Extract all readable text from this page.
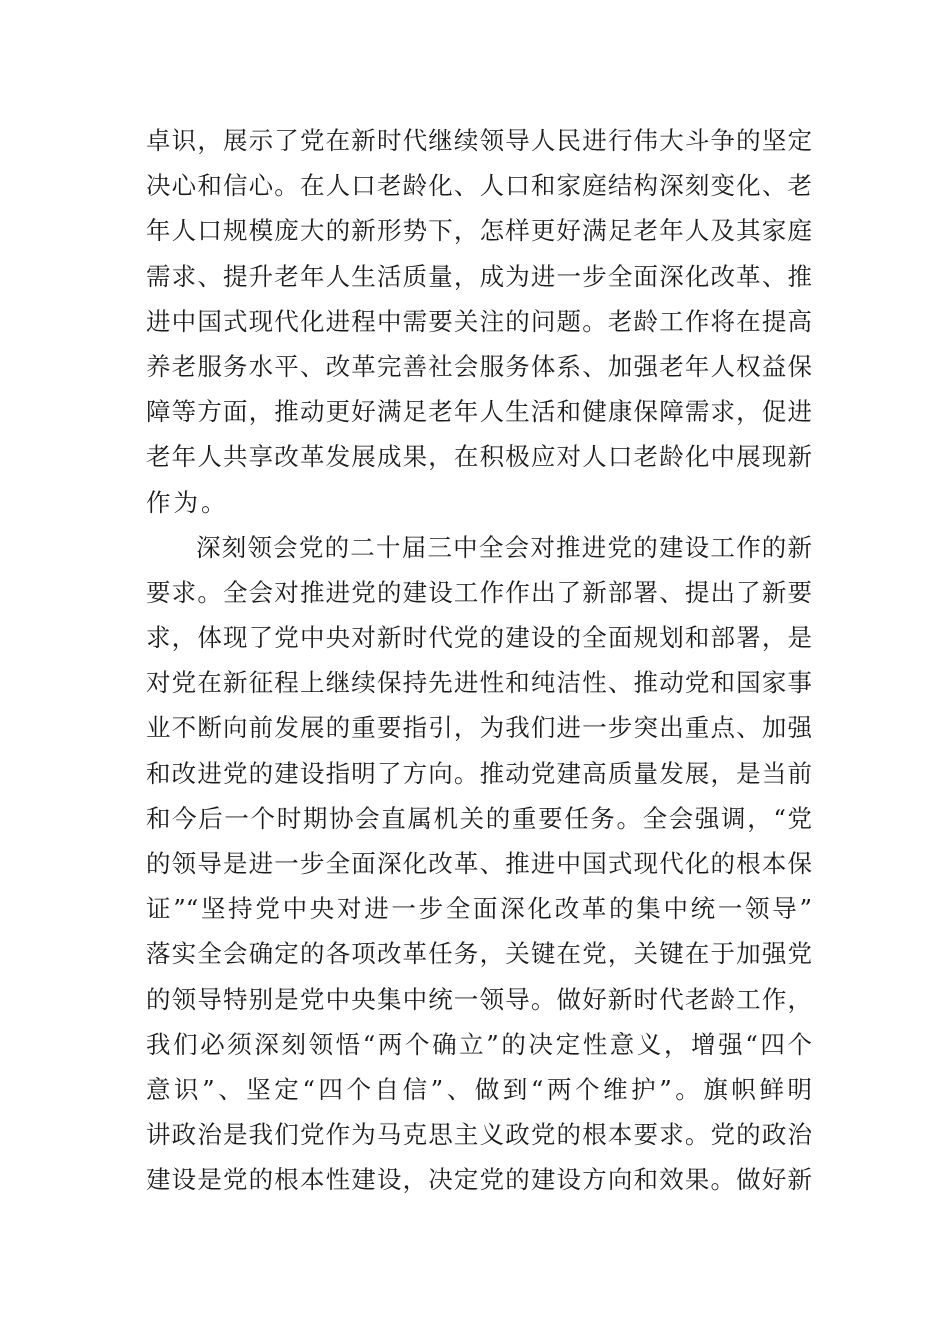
卓识，展示了党在新时代继续领导人民进行伟大斗争的坚定
决心和信心。在人口老龄化、人口和家庭结构深刻变化、老
年人口规模庞大的新形势下，怎样更好满足老年人及其家庭
需求、提升老年人生活质量，成为进一步全面深化改革、推
进中国式现代化进程中需要关注的问题。老龄工作将在提高
养老服务水平、改革完善社会服务体系、加强老年人权益保
障等方面，推动更好满足老年人生活和健康保障需求，促进
老年人共享改革发展成果，在积极应对人口老龄化中展现新
作为。
深刻领会党的二十届三中全会对推进党的建设工作的新
要求。全会对推进党的建设工作作出了新部署、提出了新要
求，体现了党中央对新时代党的建设的全面规划和部署，是
对党在新征程上继续保持先进性和纯洁性、推动党和国家事
业不断向前发展的重要指引，为我们进一步突出重点、加强
和改进党的建设指明了方向。推动党建高质量发展，是当前
和今后一个时期协会直属机关的重要任务。全会强调，“党
的领导是进一步全面深化改革、推进中国式现代化的根本保
证”“坚持党中央对进一步全面深化改革的集中统一领导”
落实全会确定的各项改革任务，关键在党，关键在于加强党
的领导特别是党中央集中统一领导。做好新时代老龄工作，
我们必须深刻领悟“两个确立”的决定性意义，增强“四个
意识”、坚定“四个自信”、做到“两个维护”。旗帜鲜明
讲政治是我们党作为马克思主义政党的根本要求。党的政治
建设是党的根本性建设，决定党的建设方向和效果。做好新
